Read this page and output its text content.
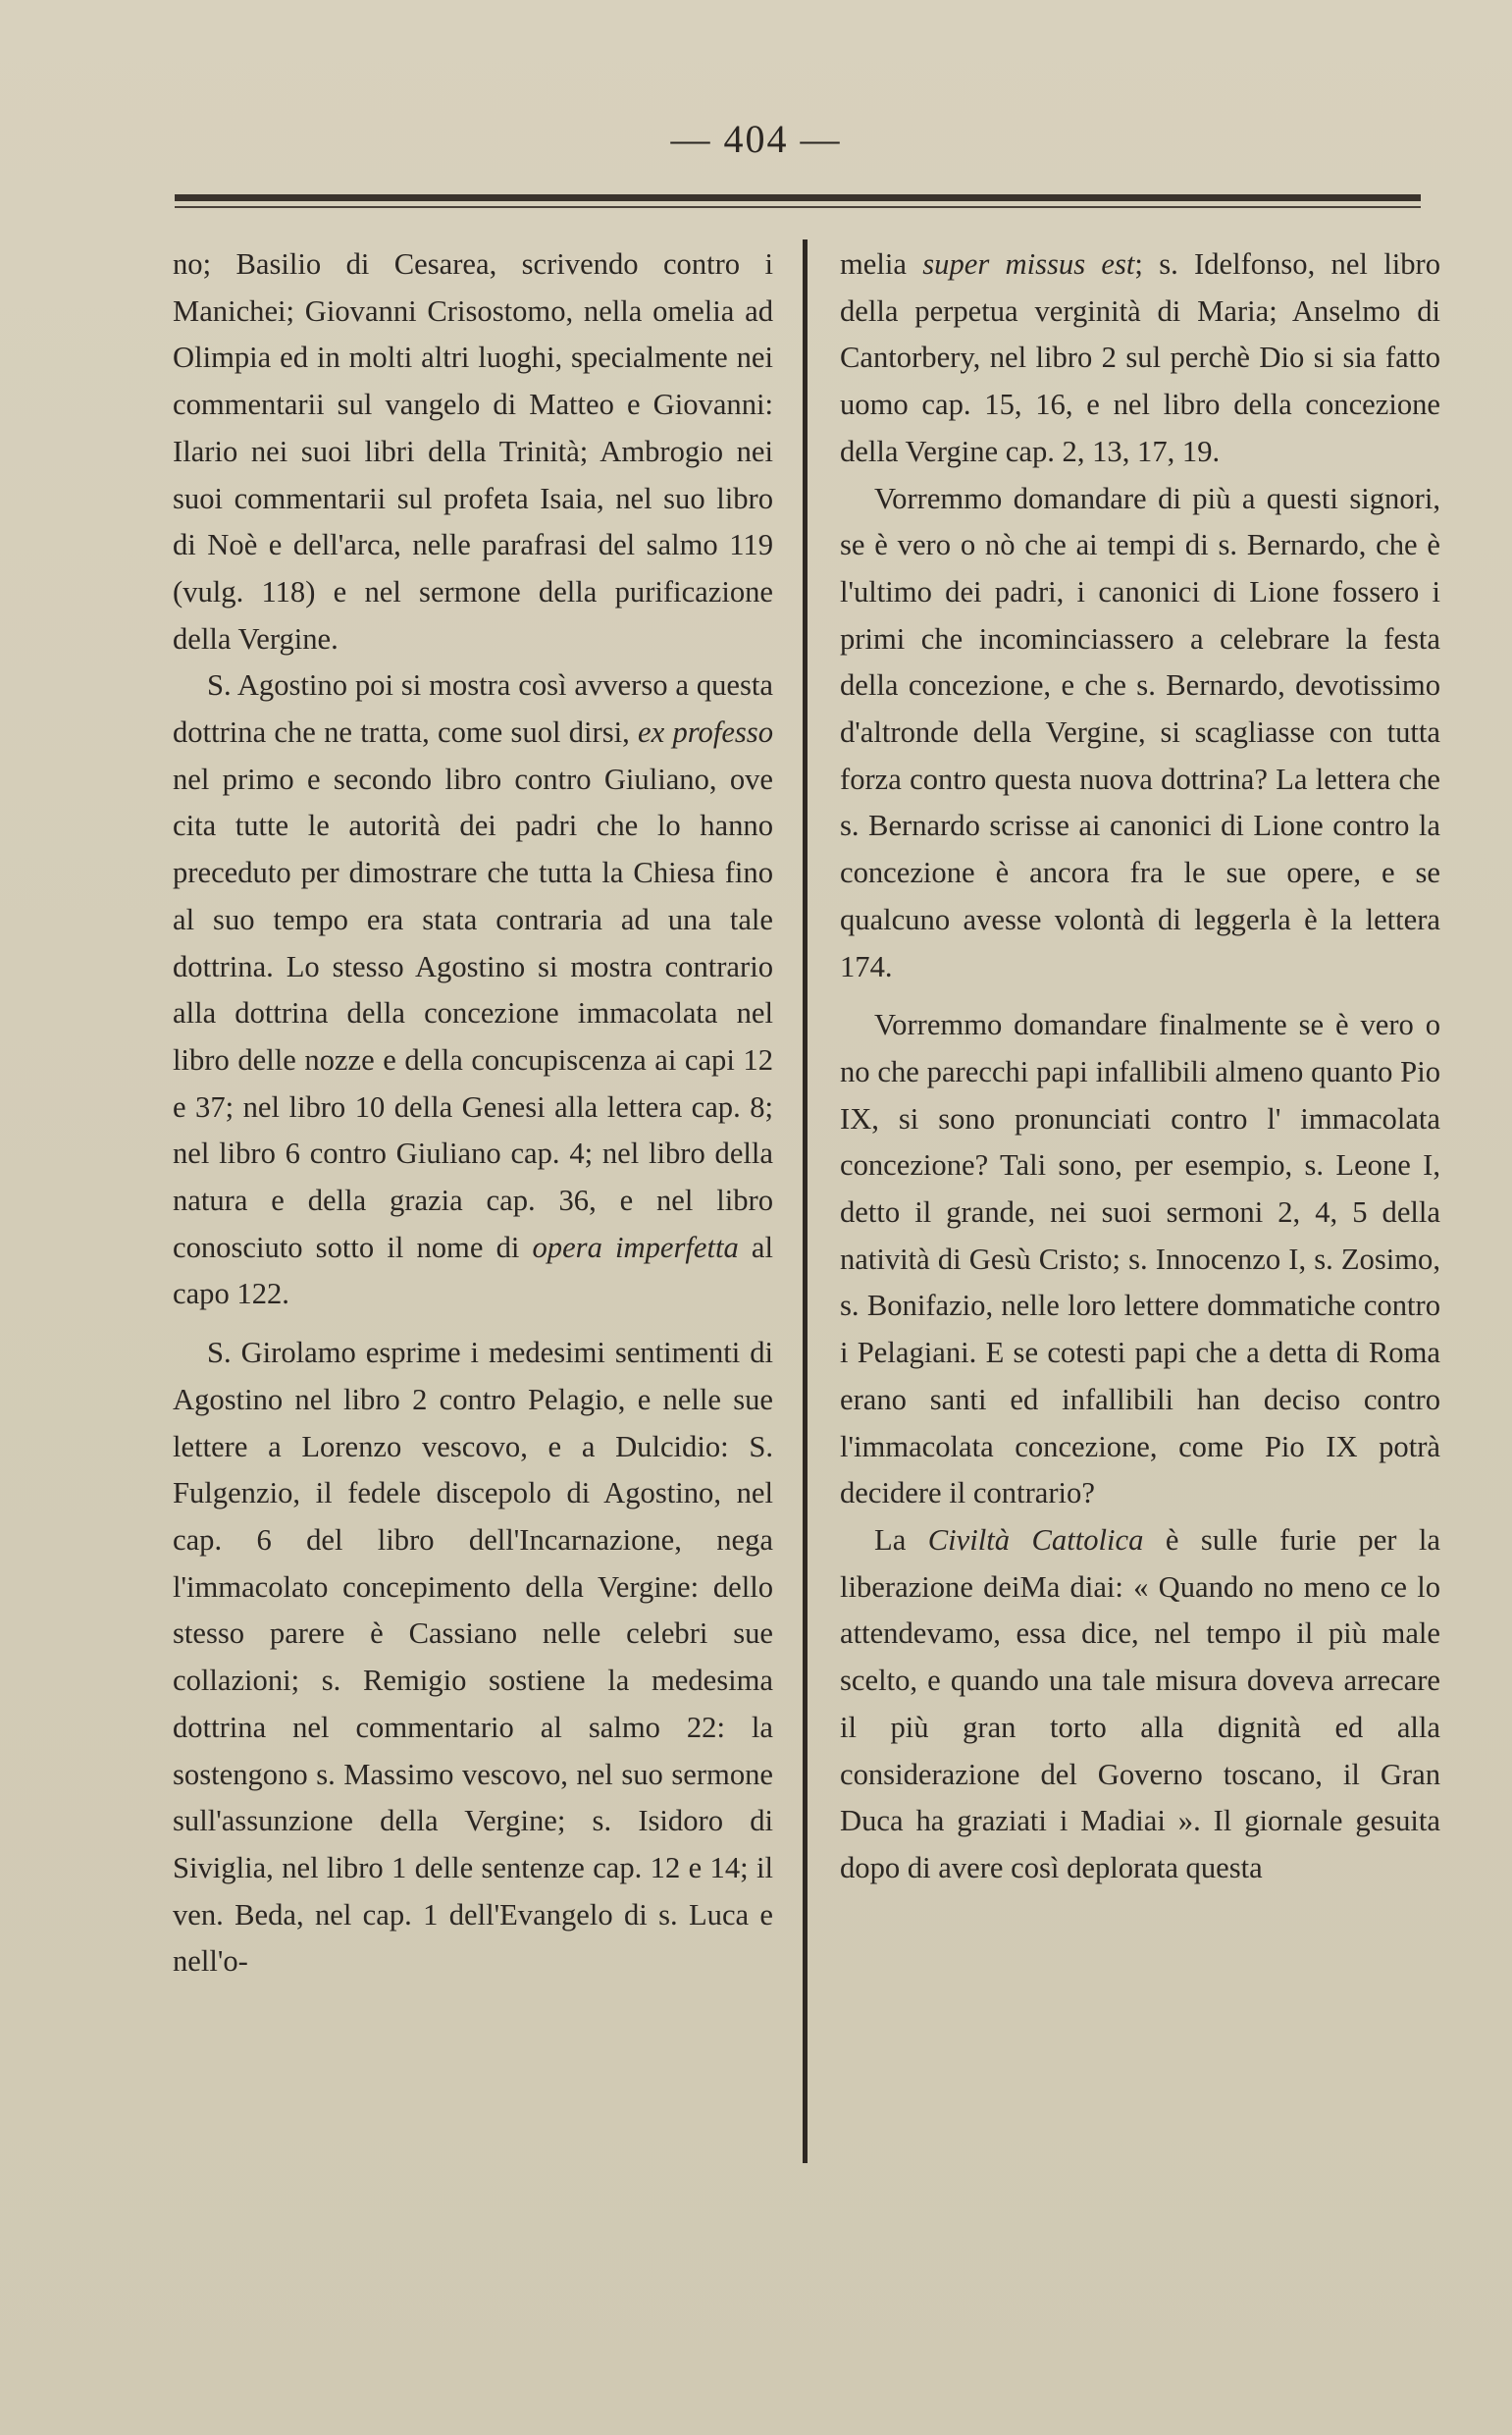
— 404 —

no; Basilio di Cesarea, scrivendo contro i Manichei; Giovanni Crisostomo, nella omelia ad Olimpia ed in molti altri luoghi, specialmente nei commentarii sul vangelo di Matteo e Giovanni: Ilario nei suoi libri della Trinità; Ambrogio nei suoi commentarii sul profeta Isaia, nel suo libro di Noè e dell'arca, nelle parafrasi del salmo 119 (vulg. 118) e nel sermone della purificazione della Vergine.

S. Agostino poi si mostra così avverso a questa dottrina che ne tratta, come suol dirsi, ex professo nel primo e secondo libro contro Giuliano, ove cita tutte le autorità dei padri che lo hanno preceduto per dimostrare che tutta la Chiesa fino al suo tempo era stata contraria ad una tale dottrina. Lo stesso Agostino si mostra contrario alla dottrina della concezione immacolata nel libro delle nozze e della concupiscenza ai capi 12 e 37; nel libro 10 della Genesi alla lettera cap. 8; nel libro 6 contro Giuliano cap. 4; nel libro della natura e della grazia cap. 36, e nel libro conosciuto sotto il nome di opera imperfetta al capo 122.

S. Girolamo esprime i medesimi sentimenti di Agostino nel libro 2 contro Pelagio, e nelle sue lettere a Lorenzo vescovo, e a Dulcidio: S. Fulgenzio, il fedele discepolo di Agostino, nel cap. 6 del libro dell'Incarnazione, nega l'immacolato concepimento della Vergine: dello stesso parere è Cassiano nelle celebri sue collazioni; s. Remigio sostiene la medesima dottrina nel commentario al salmo 22: la sostengono s. Massimo vescovo, nel suo sermone sull'assunzione della Vergine; s. Isidoro di Siviglia, nel libro 1 delle sentenze cap. 12 e 14; il ven. Beda, nel cap. 1 dell'Evangelo di s. Luca e nell'o-

melia super missus est; s. Idelfonso, nel libro della perpetua verginità di Maria; Anselmo di Cantorbery, nel libro 2 sul perchè Dio si sia fatto uomo cap. 15, 16, e nel libro della concezione della Vergine cap. 2, 13, 17, 19.

Vorremmo domandare di più a questi signori, se è vero o nò che ai tempi di s. Bernardo, che è l'ultimo dei padri, i canonici di Lione fossero i primi che incominciassero a celebrare la festa della concezione, e che s. Bernardo, devotissimo d'altronde della Vergine, si scagliasse con tutta forza contro questa nuova dottrina? La lettera che s. Bernardo scrisse ai canonici di Lione contro la concezione è ancora fra le sue opere, e se qualcuno avesse volontà di leggerla è la lettera 174.

Vorremmo domandare finalmente se è vero o no che parecchi papi infallibili almeno quanto Pio IX, si sono pronunciati contro l' immacolata concezione? Tali sono, per esempio, s. Leone I, detto il grande, nei suoi sermoni 2, 4, 5 della natività di Gesù Cristo; s. Innocenzo I, s. Zosimo, s. Bonifazio, nelle loro lettere dommatiche contro i Pelagiani. E se cotesti papi che a detta di Roma erano santi ed infallibili han deciso contro l'immacolata concezione, come Pio IX potrà decidere il contrario?

La Civiltà Cattolica è sulle furie per la liberazione deiMa diai: « Quando no meno ce lo attendevamo, essa dice, nel tempo il più male scelto, e quando una tale misura doveva arrecare il più gran torto alla dignità ed alla considerazione del Governo toscano, il Gran Duca ha graziati i Madiai ». Il giornale gesuita dopo di avere così deplorata questa
